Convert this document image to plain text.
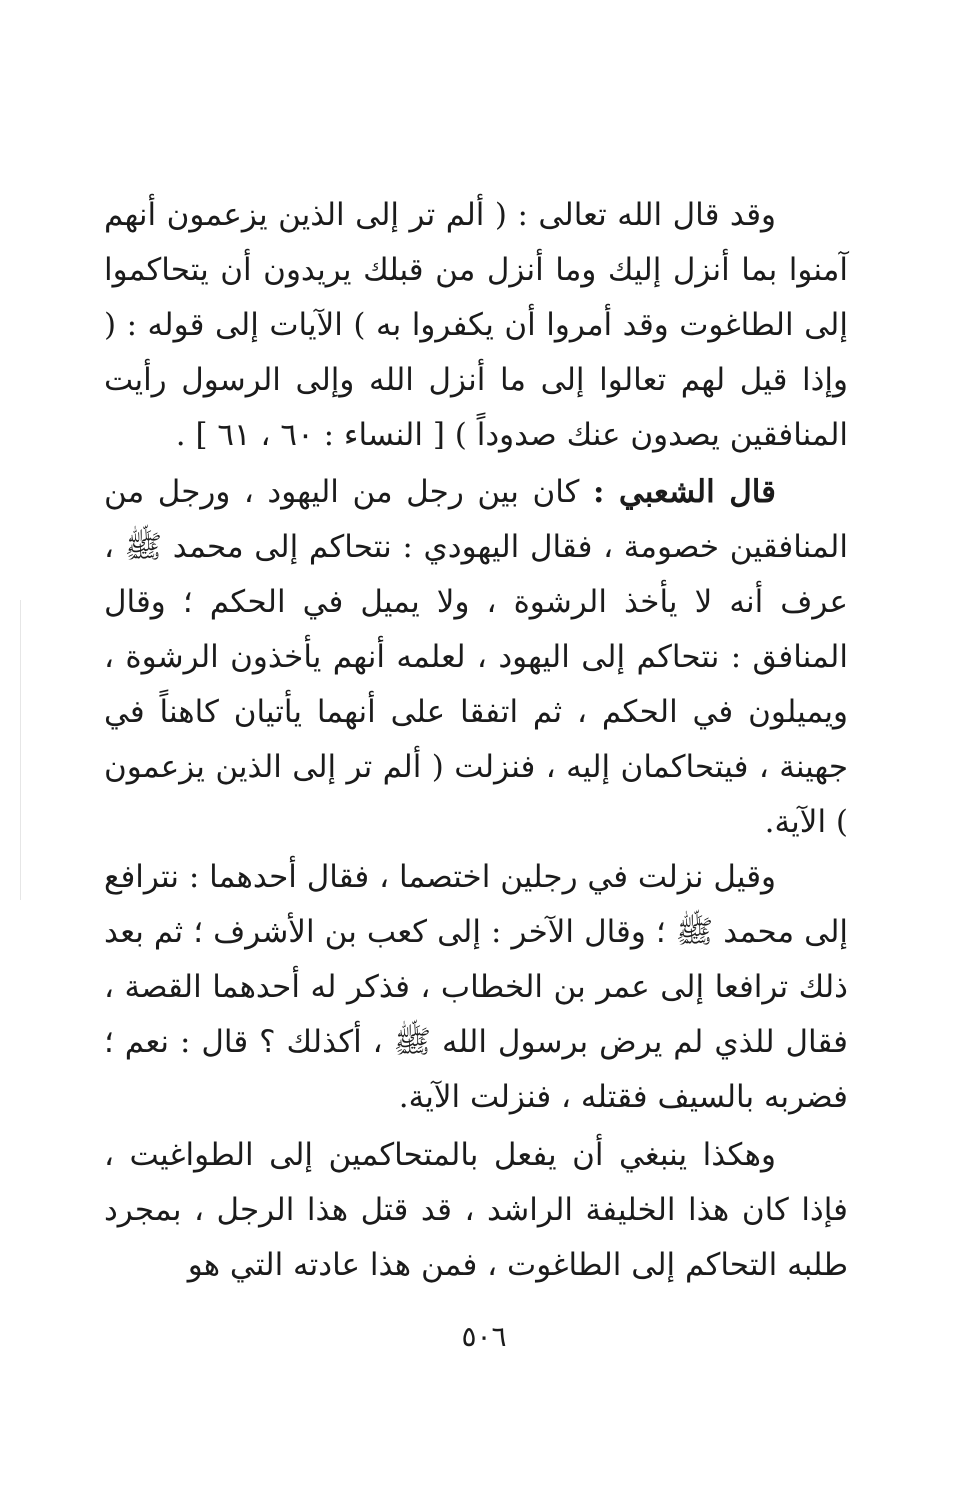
وقد قال الله تعالى : ( ألم تر إلى الذين يزعمون أنهم آمنوا بما أنزل إليك وما أنزل من قبلك يريدون أن يتحاكموا إلى الطاغوت وقد أمروا أن يكفروا به ) الآيات إلى قوله : ( وإذا قيل لهم تعالوا إلى ما أنزل الله وإلى الرسول رأيت المنافقين يصدون عنك صدوداً ) [ النساء : ٦٠ ، ٦١ ] .

قال الشعبي : كان بين رجل من اليهود ، ورجل من المنافقين خصومة ، فقال اليهودي : نتحاكم إلى محمد ﷺ ، عرف أنه لا يأخذ الرشوة ، ولا يميل في الحكم ؛ وقال المنافق : نتحاكم إلى اليهود ، لعلمه أنهم يأخذون الرشوة ، ويميلون في الحكم ، ثم اتفقا على أنهما يأتيان كاهناً في جهينة ، فيتحاكمان إليه ، فنزلت ( ألم تر إلى الذين يزعمون ) الآية.

وقيل نزلت في رجلين اختصما ، فقال أحدهما : نترافع إلى محمد ﷺ ؛ وقال الآخر : إلى كعب بن الأشرف ؛ ثم بعد ذلك ترافعا إلى عمر بن الخطاب ، فذكر له أحدهما القصة ، فقال للذي لم يرض برسول الله ﷺ ، أكذلك ؟ قال : نعم ؛ فضربه بالسيف فقتله ، فنزلت الآية.

وهكذا ينبغي أن يفعل بالمتحاكمين إلى الطواغيت ، فإذا كان هذا الخليفة الراشد ، قد قتل هذا الرجل ، بمجرد طلبه التحاكم إلى الطاغوت ، فمن هذا عادته التي هو

٥٠٦
